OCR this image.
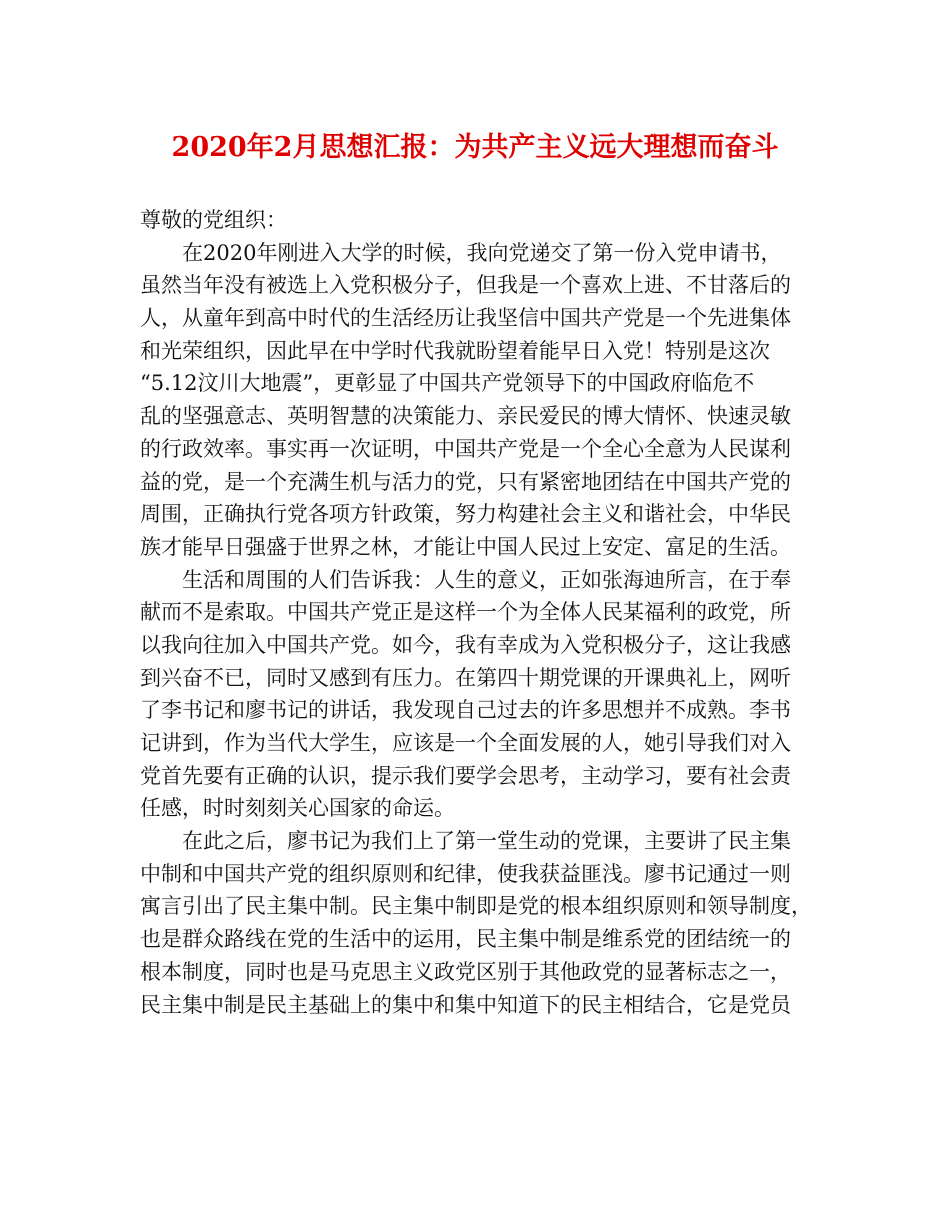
2020年2月思想汇报：为共产主义远大理想而奋斗
尊敬的党组织：
在2020年刚进入大学的时候，我向党递交了第一份入党申请书，
虽然当年没有被选上入党积极分子，但我是一个喜欢上进、不甘落后的
人，从童年到高中时代的生活经历让我坚信中国共产党是一个先进集体
和光荣组织，因此早在中学时代我就盼望着能早日入党！特别是这次
“5.12汶川大地震”，更彰显了中国共产党领导下的中国政府临危不
乱的坚强意志、英明智慧的决策能力、亲民爱民的博大情怀、快速灵敏
的行政效率。事实再一次证明，中国共产党是一个全心全意为人民谋利
益的党，是一个充满生机与活力的党，只有紧密地团结在中国共产党的
周围，正确执行党各项方针政策，努力构建社会主义和谐社会，中华民
族才能早日强盛于世界之林，才能让中国人民过上安定、富足的生活。
生活和周围的人们告诉我：人生的意义，正如张海迪所言，在于奉
献而不是索取。中国共产党正是这样一个为全体人民某福利的政党，所
以我向往加入中国共产党。如今，我有幸成为入党积极分子，这让我感
到兴奋不已，同时又感到有压力。在第四十期党课的开课典礼上，网听
了李书记和廖书记的讲话，我发现自己过去的许多思想并不成熟。李书
记讲到，作为当代大学生，应该是一个全面发展的人，她引导我们对入
党首先要有正确的认识，提示我们要学会思考，主动学习，要有社会责
任感，时时刻刻关心国家的命运。
在此之后，廖书记为我们上了第一堂生动的党课，主要讲了民主集
中制和中国共产党的组织原则和纪律，使我获益匪浅。廖书记通过一则
寓言引出了民主集中制。民主集中制即是党的根本组织原则和领导制度，
也是群众路线在党的生活中的运用，民主集中制是维系党的团结统一的
根本制度，同时也是马克思主义政党区别于其他政党的显著标志之一，
民主集中制是民主基础上的集中和集中知道下的民主相结合，它是党员
